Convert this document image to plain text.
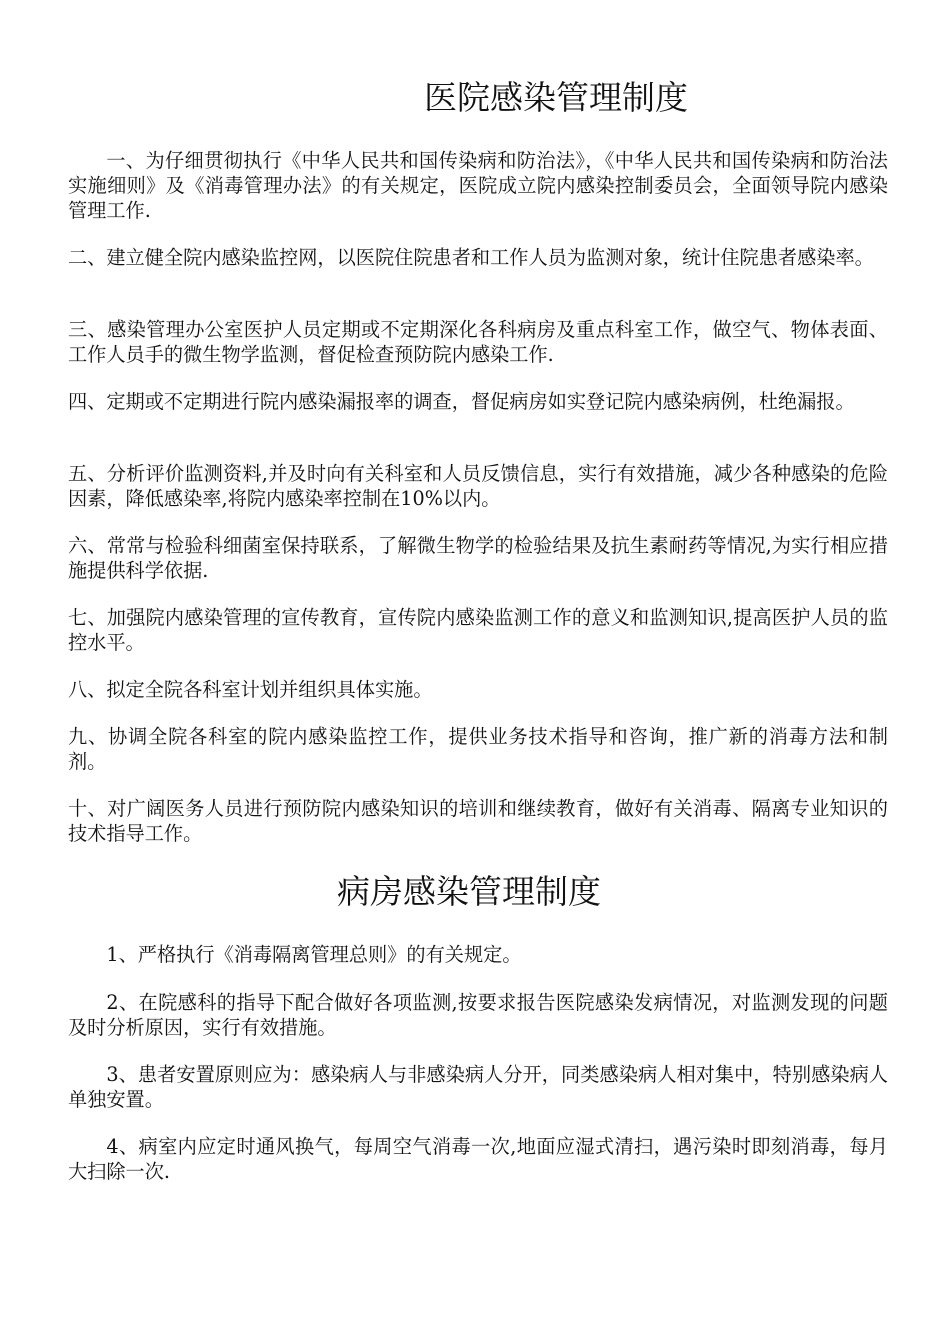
医院感染管理制度

一、为仔细贯彻执行《中华人民共和国传染病和防治法》，《中华人民共和国传染病和防治法实施细则》及《消毒管理办法》的有关规定，医院成立院内感染控制委员会，全面领导院内感染管理工作.

二、建立健全院内感染监控网，以医院住院患者和工作人员为监测对象，统计住院患者感染率。

三、感染管理办公室医护人员定期或不定期深化各科病房及重点科室工作，做空气、物体表面、工作人员手的微生物学监测，督促检查预防院内感染工作.

四、定期或不定期进行院内感染漏报率的调查，督促病房如实登记院内感染病例，杜绝漏报。

五、分析评价监测资料,并及时向有关科室和人员反馈信息，实行有效措施，减少各种感染的危险因素，降低感染率,将院内感染率控制在10%以内。

六、常常与检验科细菌室保持联系，了解微生物学的检验结果及抗生素耐药等情况,为实行相应措施提供科学依据.

七、加强院内感染管理的宣传教育，宣传院内感染监测工作的意义和监测知识,提高医护人员的监控水平。

八、拟定全院各科室计划并组织具体实施。

九、协调全院各科室的院内感染监控工作，提供业务技术指导和咨询，推广新的消毒方法和制剂。

十、对广阔医务人员进行预防院内感染知识的培训和继续教育，做好有关消毒、隔离专业知识的技术指导工作。

病房感染管理制度

1、严格执行《消毒隔离管理总则》的有关规定。

2、在院感科的指导下配合做好各项监测,按要求报告医院感染发病情况，对监测发现的问题及时分析原因，实行有效措施。

3、患者安置原则应为：感染病人与非感染病人分开，同类感染病人相对集中，特别感染病人单独安置。

4、病室内应定时通风换气，每周空气消毒一次,地面应湿式清扫，遇污染时即刻消毒，每月大扫除一次.
